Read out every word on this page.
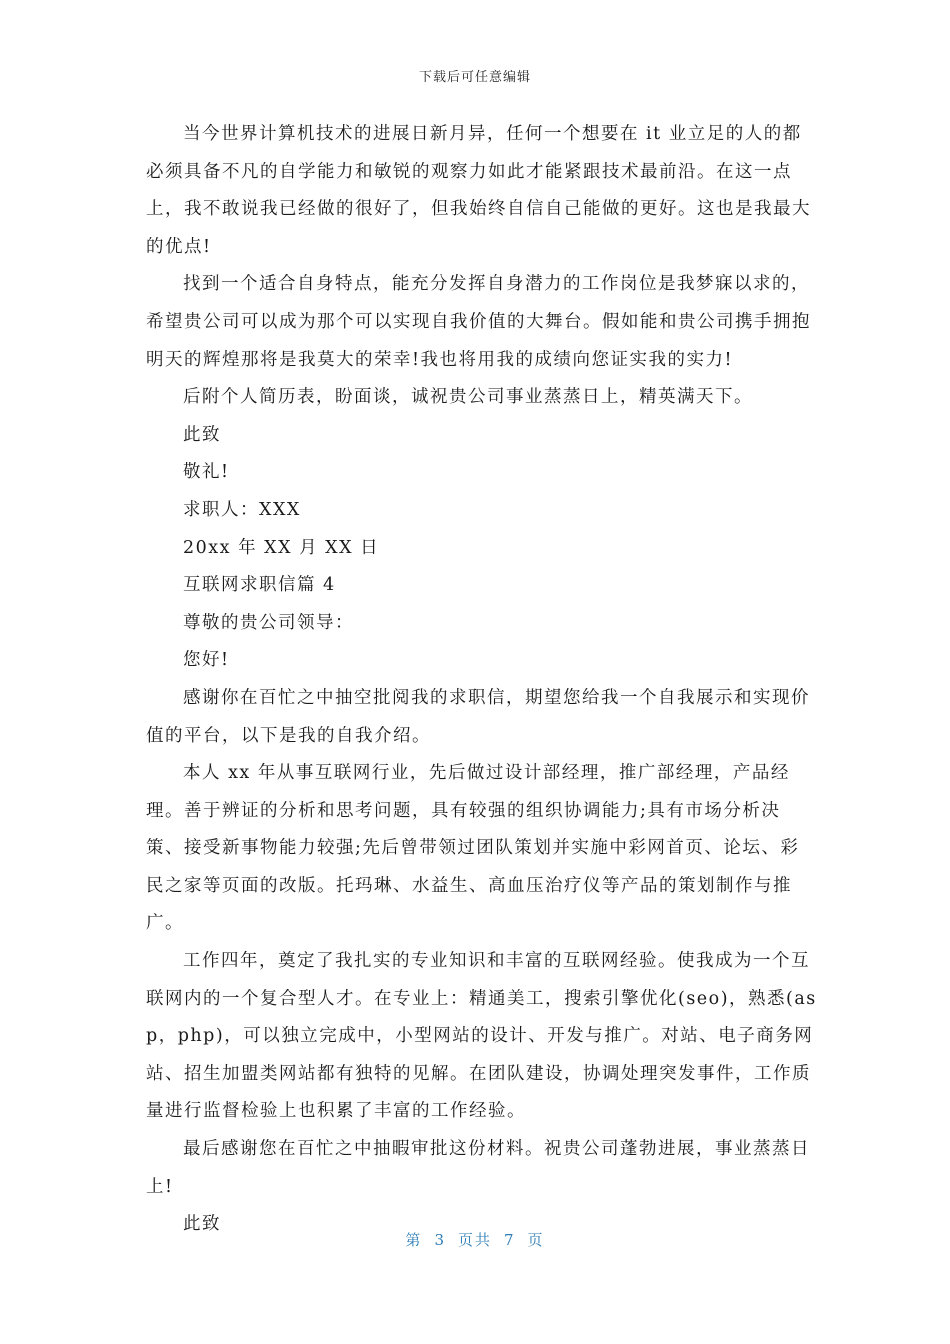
下载后可任意编辑

当今世界计算机技术的进展日新月异，任何一个想要在 it 业立足的人的都必须具备不凡的自学能力和敏锐的观察力如此才能紧跟技术最前沿。在这一点上，我不敢说我已经做的很好了，但我始终自信自己能做的更好。这也是我最大的优点!

找到一个适合自身特点，能充分发挥自身潜力的工作岗位是我梦寐以求的，希望贵公司可以成为那个可以实现自我价值的大舞台。假如能和贵公司携手拥抱明天的辉煌那将是我莫大的荣幸!我也将用我的成绩向您证实我的实力!

后附个人简历表，盼面谈，诚祝贵公司事业蒸蒸日上，精英满天下。

此致

敬礼!

求职人：XXX

20xx 年 XX 月 XX 日

互联网求职信篇 4

尊敬的贵公司领导：

您好!

感谢你在百忙之中抽空批阅我的求职信，期望您给我一个自我展示和实现价值的平台，以下是我的自我介绍。

本人 xx 年从事互联网行业，先后做过设计部经理，推广部经理，产品经理。善于辨证的分析和思考问题，具有较强的组织协调能力;具有市场分析决策、接受新事物能力较强;先后曾带领过团队策划并实施中彩网首页、论坛、彩民之家等页面的改版。托玛琳、水益生、高血压治疗仪等产品的策划制作与推广。

工作四年，奠定了我扎实的专业知识和丰富的互联网经验。使我成为一个互联网内的一个复合型人才。在专业上：精通美工，搜索引擎优化(seo)，熟悉(asp，php)，可以独立完成中，小型网站的设计、开发与推广。对站、电子商务网站、招生加盟类网站都有独特的见解。在团队建设，协调处理突发事件，工作质量进行监督检验上也积累了丰富的工作经验。

最后感谢您在百忙之中抽暇审批这份材料。祝贵公司蓬勃进展，事业蒸蒸日上!

此致

第 3 页共 7 页
